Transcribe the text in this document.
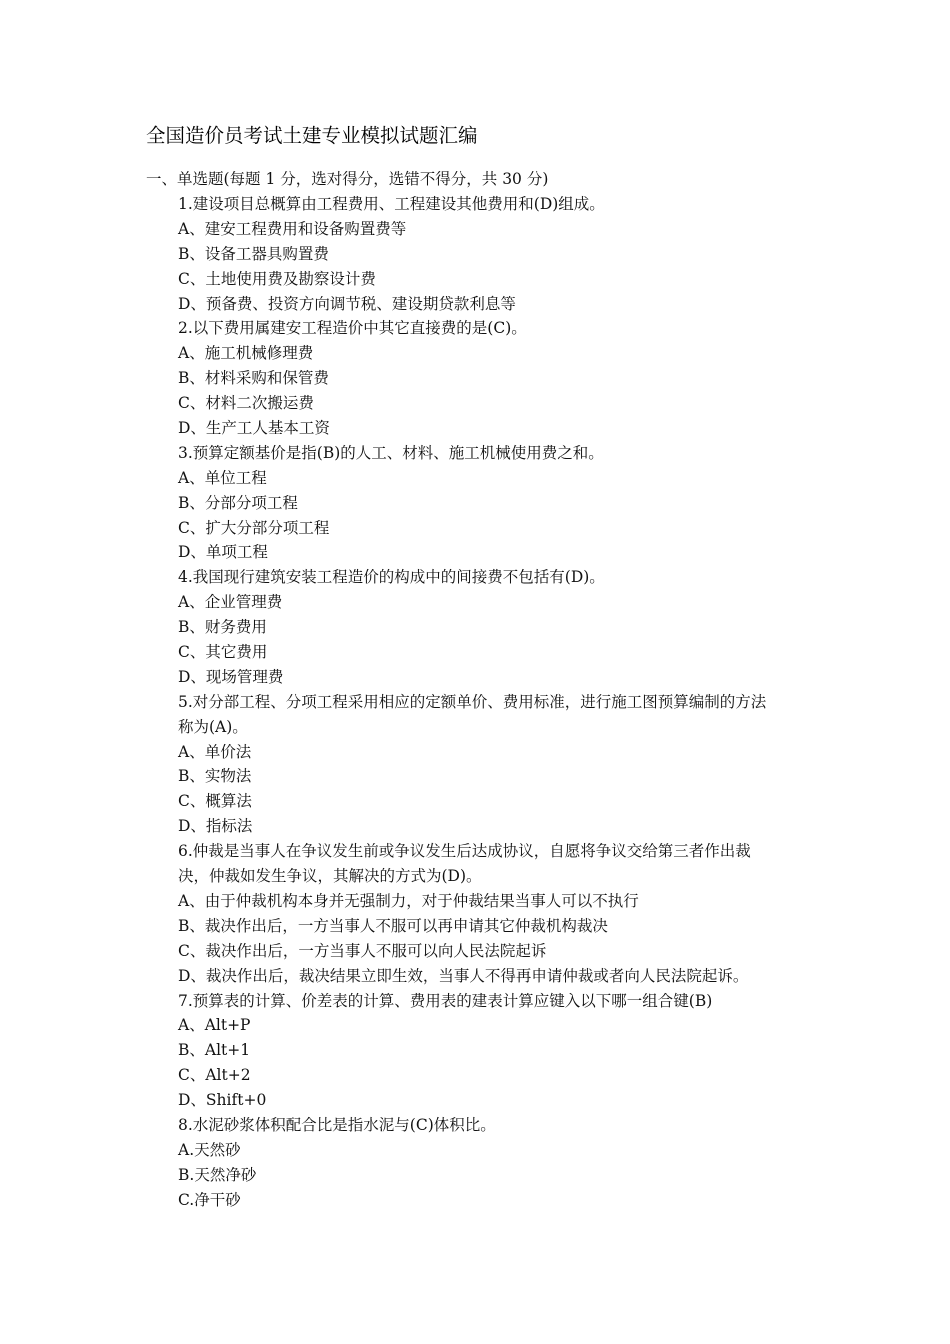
全国造价员考试土建专业模拟试题汇编
一、单选题(每题 1 分，选对得分，选错不得分，共 30 分)
1.建设项目总概算由工程费用、工程建设其他费用和(D)组成。
A、建安工程费用和设备购置费等
B、设备工器具购置费
C、土地使用费及勘察设计费
D、预备费、投资方向调节税、建设期贷款利息等
2.以下费用属建安工程造价中其它直接费的是(C)。
A、施工机械修理费
B、材料采购和保管费
C、材料二次搬运费
D、生产工人基本工资
3.预算定额基价是指(B)的人工、材料、施工机械使用费之和。
A、单位工程
B、分部分项工程
C、扩大分部分项工程
D、单项工程
4.我国现行建筑安装工程造价的构成中的间接费不包括有(D)。
A、企业管理费
B、财务费用
C、其它费用
D、现场管理费
5.对分部工程、分项工程采用相应的定额单价、费用标准，进行施工图预算编制的方法
称为(A)。
A、单价法
B、实物法
C、概算法
D、指标法
6.仲裁是当事人在争议发生前或争议发生后达成协议，自愿将争议交给第三者作出裁
决，仲裁如发生争议，其解决的方式为(D)。
A、由于仲裁机构本身并无强制力，对于仲裁结果当事人可以不执行
B、裁决作出后，一方当事人不服可以再申请其它仲裁机构裁决
C、裁决作出后，一方当事人不服可以向人民法院起诉
D、裁决作出后，裁决结果立即生效，当事人不得再申请仲裁或者向人民法院起诉。
7.预算表的计算、价差表的计算、费用表的建表计算应键入以下哪一组合键(B)
A、Alt+P
B、Alt+1
C、Alt+2
D、Shift+0
8.水泥砂浆体积配合比是指水泥与(C)体积比。
A.天然砂
B.天然净砂
C.净干砂
